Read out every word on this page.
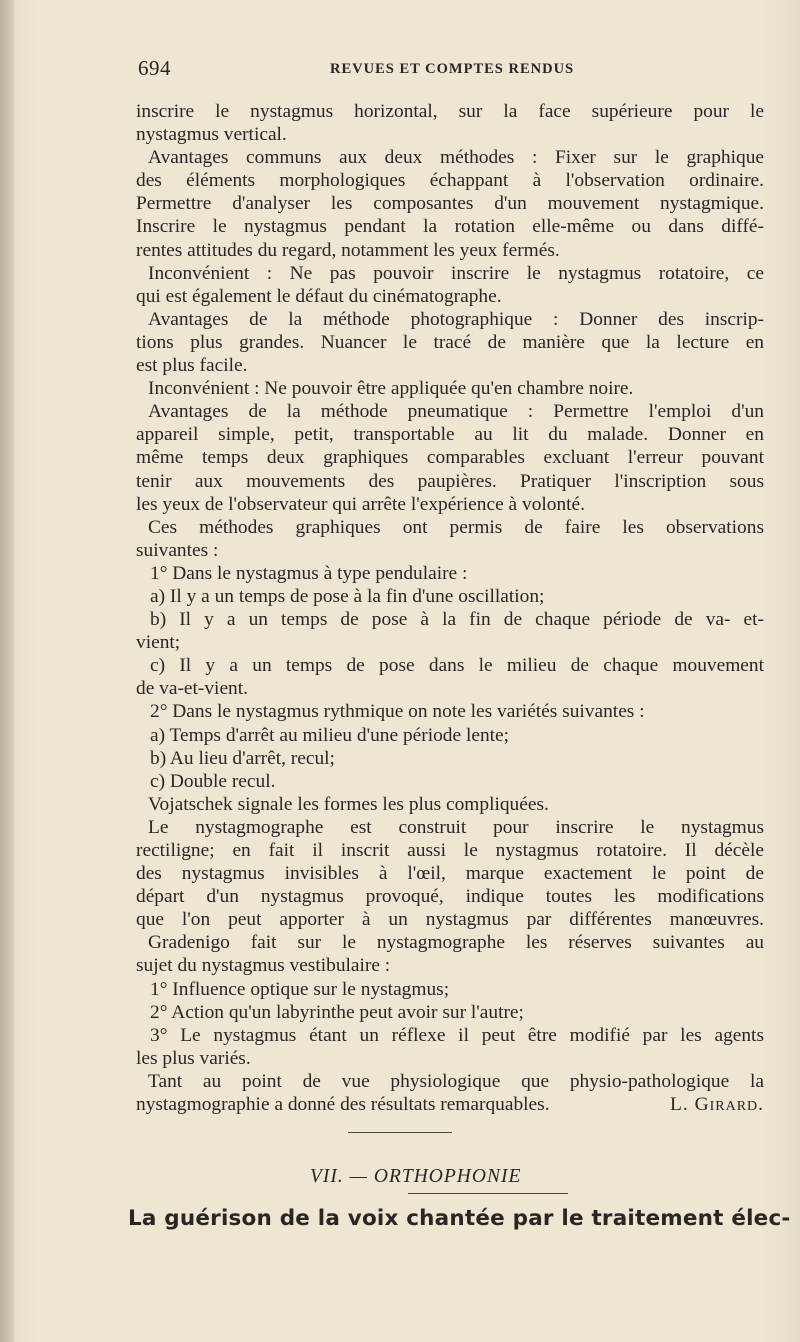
694	REVUES ET COMPTES RENDUS
inscrire le nystagmus horizontal, sur la face supérieure pour le
nystagmus vertical.
Avantages communs aux deux méthodes : Fixer sur le graphique
des éléments morphologiques échappant à l'observation ordinaire.
Permettre d'analyser les composantes d'un mouvement nystagmique.
Inscrire le nystagmus pendant la rotation elle-même ou dans diffé-
rentes attitudes du regard, notamment les yeux fermés.
Inconvénient : Ne pas pouvoir inscrire le nystagmus rotatoire, ce
qui est également le défaut du cinématographe.
Avantages de la méthode photographique : Donner des inscrip-
tions plus grandes. Nuancer le tracé de manière que la lecture en
est plus facile.
Inconvénient : Ne pouvoir être appliquée qu'en chambre noire.
Avantages de la méthode pneumatique : Permettre l'emploi d'un
appareil simple, petit, transportable au lit du malade. Donner en
même temps deux graphiques comparables excluant l'erreur pouvant
tenir aux mouvements des paupières. Pratiquer l'inscription sous
les yeux de l'observateur qui arrête l'expérience à volonté.
Ces méthodes graphiques ont permis de faire les observations
suivantes :
1° Dans le nystagmus à type pendulaire :
a) Il y a un temps de pose à la fin d'une oscillation;
b) Il y a un temps de pose à la fin de chaque période de va- et-
vient;
c) Il y a un temps de pose dans le milieu de chaque mouvement
de va-et-vient.
2° Dans le nystagmus rythmique on note les variétés suivantes :
a) Temps d'arrêt au milieu d'une période lente;
b) Au lieu d'arrêt, recul;
c) Double recul.
Vojatschek signale les formes les plus compliquées.
Le nystagmographe est construit pour inscrire le nystagmus
rectiligne; en fait il inscrit aussi le nystagmus rotatoire. Il décèle
des nystagmus invisibles à l'œil, marque exactement le point de
départ d'un nystagmus provoqué, indique toutes les modifications
que l'on peut apporter à un nystagmus par différentes manœuvres.
Gradenigo fait sur le nystagmographe les réserves suivantes au
sujet du nystagmus vestibulaire :
1° Influence optique sur le nystagmus;
2° Action qu'un labyrinthe peut avoir sur l'autre;
3° Le nystagmus étant un réflexe il peut être modifié par les agents
les plus variés.
Tant au point de vue physiologique que physio-pathologique la
nystagmographie a donné des résultats remarquables.	L. Girard.
VII. — ORTHOPHONIE
La guérison de la voix chantée par le traitement élec-
